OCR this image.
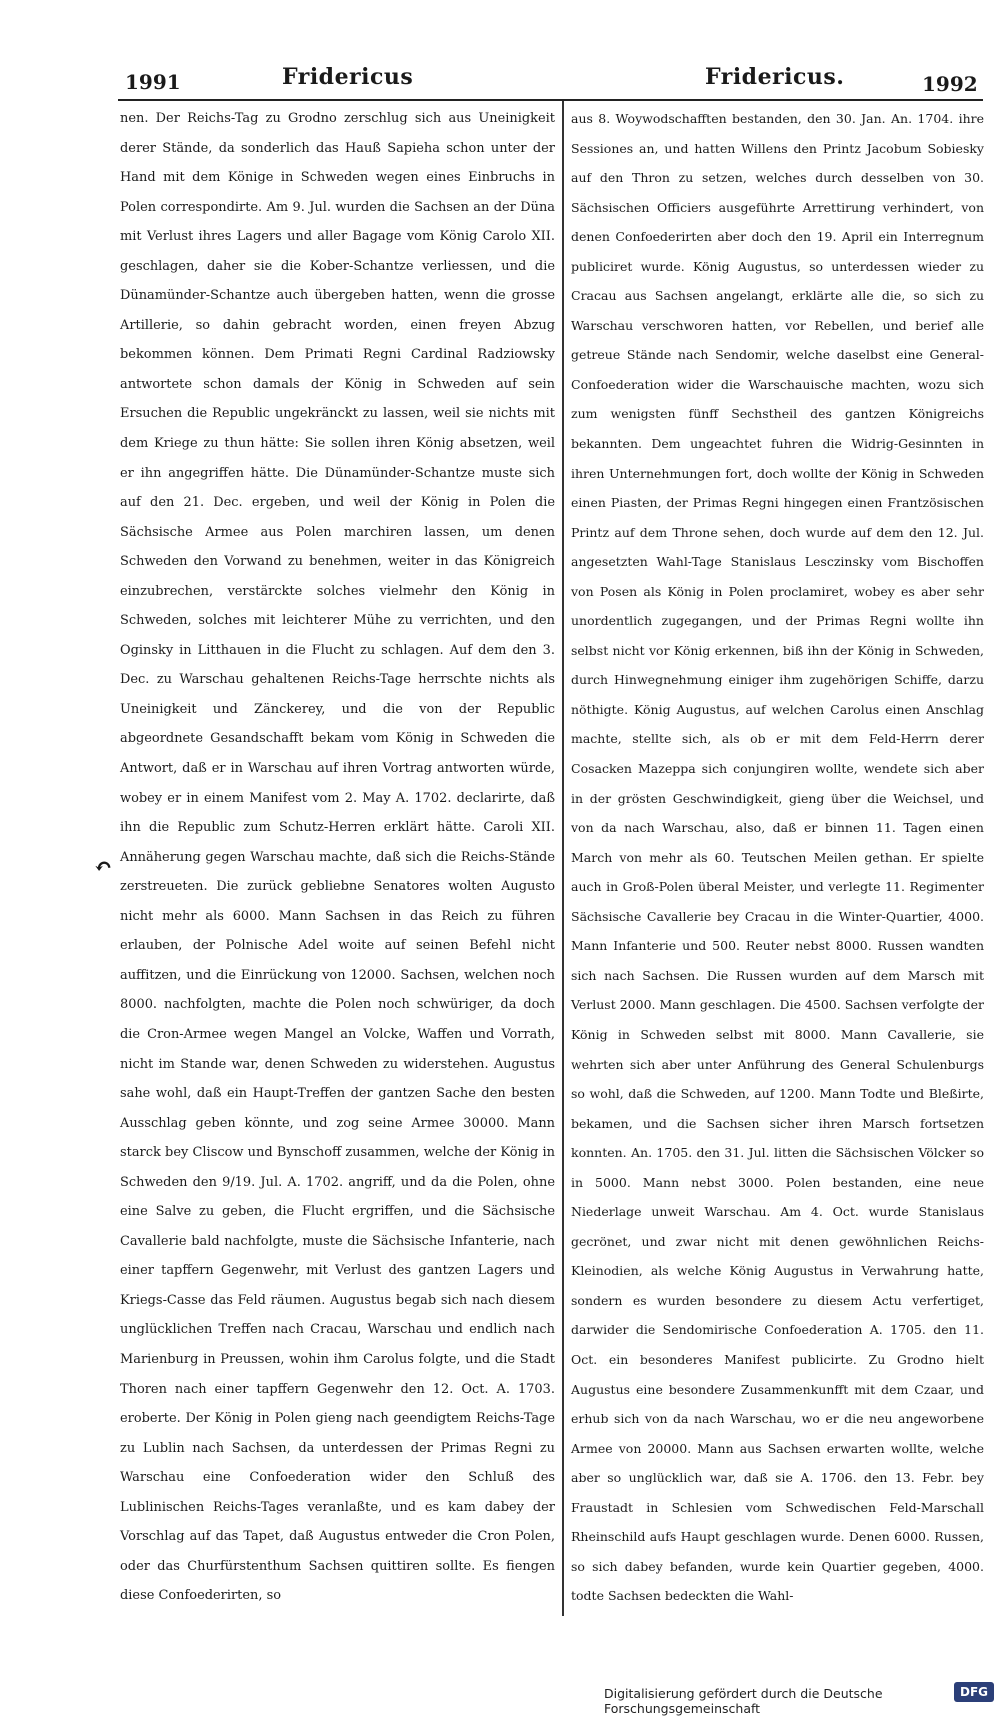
1991	Fridericus	Fridericus.	1992
↶

nen. Der Reichs-Tag zu Grodno zerschlug sich aus Uneinigkeit derer Stände, da sonderlich das Hauß Sapieha schon unter der Hand mit dem Könige in Schweden wegen eines Einbruchs in Polen correspondirte. Am 9. Jul. wurden die Sachsen an der Düna mit Verlust ihres Lagers und aller Bagage vom König Carolo XII. geschlagen, daher sie die Kober-Schantze verliessen, und die Dünamünder-Schantze auch übergeben hatten, wenn die grosse Artillerie, so dahin gebracht worden, einen freyen Abzug bekommen können. Dem Primati Regni Cardinal Radziowsky antwortete schon damals der König in Schweden auf sein Ersuchen die Republic ungekränckt zu lassen, weil sie nichts mit dem Kriege zu thun hätte: Sie sollen ihren König absetzen, weil er ihn angegriffen hätte. Die Dünamünder-Schantze muste sich auf den 21. Dec. ergeben, und weil der König in Polen die Sächsische Armee aus Polen marchiren lassen, um denen Schweden den Vorwand zu benehmen, weiter in das Königreich einzubrechen, verstärckte solches vielmehr den König in Schweden, solches mit leichterer Mühe zu verrichten, und den Oginsky in Litthauen in die Flucht zu schlagen. Auf dem den 3. Dec. zu Warschau gehaltenen Reichs-Tage herrschte nichts als Uneinigkeit und Zänckerey, und die von der Republic abgeordnete Gesandschafft bekam vom König in Schweden die Antwort, daß er in Warschau auf ihren Vortrag antworten würde, wobey er in einem Manifest vom 2. May A. 1702. declarirte, daß ihn die Republic zum Schutz-Herren erklärt hätte. Caroli XII. Annäherung gegen Warschau machte, daß sich die Reichs-Stände zerstreueten. Die zurück gebliebne Senatores wolten Augusto nicht mehr als 6000. Mann Sachsen in das Reich zu führen erlauben, der Polnische Adel woite auf seinen Befehl nicht auffitzen, und die Einrückung von 12000. Sachsen, welchen noch 8000. nachfolgten, machte die Polen noch schwüriger, da doch die Cron-Armee wegen Mangel an Volcke, Waffen und Vorrath, nicht im Stande war, denen Schweden zu widerstehen. Augustus sahe wohl, daß ein Haupt-Treffen der gantzen Sache den besten Ausschlag geben könnte, und zog seine Armee 30000. Mann starck bey Cliscow und Bynschoff zusammen, welche der König in Schweden den 9/19. Jul. A. 1702. angriff, und da die Polen, ohne eine Salve zu geben, die Flucht ergriffen, und die Sächsische Cavallerie bald nachfolgte, muste die Sächsische Infanterie, nach einer tapffern Gegenwehr, mit Verlust des gantzen Lagers und Kriegs-Casse das Feld räumen. Augustus begab sich nach diesem unglücklichen Treffen nach Cracau, Warschau und endlich nach Marienburg in Preussen, wohin ihm Carolus folgte, und die Stadt Thoren nach einer tapffern Gegenwehr den 12. Oct. A. 1703. eroberte. Der König in Polen gieng nach geendigtem Reichs-Tage zu Lublin nach Sachsen, da unterdessen der Primas Regni zu Warschau eine Confoederation wider den Schluß des Lublinischen Reichs-Tages veranlaßte, und es kam dabey der Vorschlag auf das Tapet, daß Augustus entweder die Cron Polen, oder das Churfürstenthum Sachsen quittiren sollte. Es fiengen diese Confoederirten, so

aus 8. Woywodschafften bestanden, den 30. Jan. An. 1704. ihre Sessiones an, und hatten Willens den Printz Jacobum Sobiesky auf den Thron zu setzen, welches durch desselben von 30. Sächsischen Officiers ausgeführte Arrettirung verhindert, von denen Confoederirten aber doch den 19. April ein Interregnum publiciret wurde. König Augustus, so unterdessen wieder zu Cracau aus Sachsen angelangt, erklärte alle die, so sich zu Warschau verschworen hatten, vor Rebellen, und berief alle getreue Stände nach Sendomir, welche daselbst eine General-Confoederation wider die Warschauische machten, wozu sich zum wenigsten fünff Sechstheil des gantzen Königreichs bekannten. Dem ungeachtet fuhren die Widrig-Gesinnten in ihren Unternehmungen fort, doch wollte der König in Schweden einen Piasten, der Primas Regni hingegen einen Frantzösischen Printz auf dem Throne sehen, doch wurde auf dem den 12. Jul. angesetzten Wahl-Tage Stanislaus Lesczinsky vom Bischoffen von Posen als König in Polen proclamiret, wobey es aber sehr unordentlich zugegangen, und der Primas Regni wollte ihn selbst nicht vor König erkennen, biß ihn der König in Schweden, durch Hinwegnehmung einiger ihm zugehörigen Schiffe, darzu nöthigte. König Augustus, auf welchen Carolus einen Anschlag machte, stellte sich, als ob er mit dem Feld-Herrn derer Cosacken Mazeppa sich conjungiren wollte, wendete sich aber in der grösten Geschwindigkeit, gieng über die Weichsel, und von da nach Warschau, also, daß er binnen 11. Tagen einen March von mehr als 60. Teutschen Meilen gethan. Er spielte auch in Groß-Polen überal Meister, und verlegte 11. Regimenter Sächsische Cavallerie bey Cracau in die Winter-Quartier, 4000. Mann Infanterie und 500. Reuter nebst 8000. Russen wandten sich nach Sachsen. Die Russen wurden auf dem Marsch mit Verlust 2000. Mann geschlagen. Die 4500. Sachsen verfolgte der König in Schweden selbst mit 8000. Mann Cavallerie, sie wehrten sich aber unter Anführung des General Schulenburgs so wohl, daß die Schweden, auf 1200. Mann Todte und Bleßirte, bekamen, und die Sachsen sicher ihren Marsch fortsetzen konnten. An. 1705. den 31. Jul. litten die Sächsischen Völcker so in 5000. Mann nebst 3000. Polen bestanden, eine neue Niederlage unweit Warschau. Am 4. Oct. wurde Stanislaus gecrönet, und zwar nicht mit denen gewöhnlichen Reichs-Kleinodien, als welche König Augustus in Verwahrung hatte, sondern es wurden besondere zu diesem Actu verfertiget, darwider die Sendomirische Confoederation A. 1705. den 11. Oct. ein besonderes Manifest publicirte. Zu Grodno hielt Augustus eine besondere Zusammenkunfft mit dem Czaar, und erhub sich von da nach Warschau, wo er die neu angeworbene Armee von 20000. Mann aus Sachsen erwarten wollte, welche aber so unglücklich war, daß sie A. 1706. den 13. Febr. bey Fraustadt in Schlesien vom Schwedischen Feld-Marschall Rheinschild aufs Haupt geschlagen wurde. Denen 6000. Russen, so sich dabey befanden, wurde kein Quartier gegeben, 4000. todte Sachsen bedeckten die Wahl-

Digitalisierung gefördert durch die Deutsche Forschungsgemeinschaft
DFG
